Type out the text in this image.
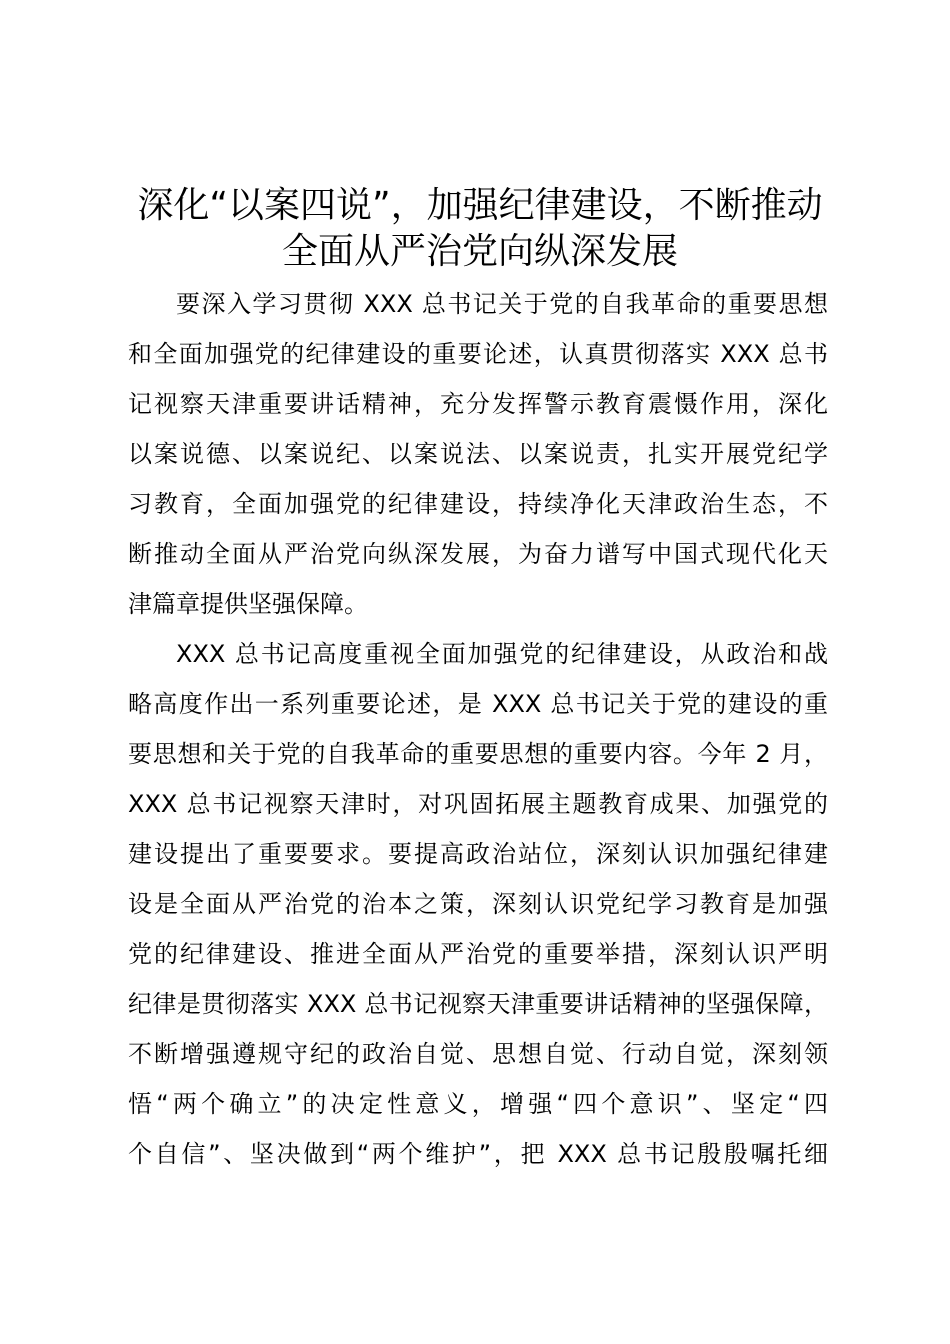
深化“以案四说”，加强纪律建设，不断推动
全面从严治党向纵深发展
要深入学习贯彻 XXX 总书记关于党的自我革命的重要思想
和全面加强党的纪律建设的重要论述，认真贯彻落实 XXX 总书
记视察天津重要讲话精神，充分发挥警示教育震慑作用，深化
以案说德、以案说纪、以案说法、以案说责，扎实开展党纪学
习教育，全面加强党的纪律建设，持续净化天津政治生态，不
断推动全面从严治党向纵深发展，为奋力谱写中国式现代化天
津篇章提供坚强保障。
XXX 总书记高度重视全面加强党的纪律建设，从政治和战
略高度作出一系列重要论述，是 XXX 总书记关于党的建设的重
要思想和关于党的自我革命的重要思想的重要内容。今年 2 月，
XXX 总书记视察天津时，对巩固拓展主题教育成果、加强党的
建设提出了重要要求。要提高政治站位，深刻认识加强纪律建
设是全面从严治党的治本之策，深刻认识党纪学习教育是加强
党的纪律建设、推进全面从严治党的重要举措，深刻认识严明
纪律是贯彻落实 XXX 总书记视察天津重要讲话精神的坚强保障，
不断增强遵规守纪的政治自觉、思想自觉、行动自觉，深刻领
悟“两个确立”的决定性意义，增强“四个意识”、坚定“四
个自信”、坚决做到“两个维护”，把 XXX 总书记殷殷嘱托细
